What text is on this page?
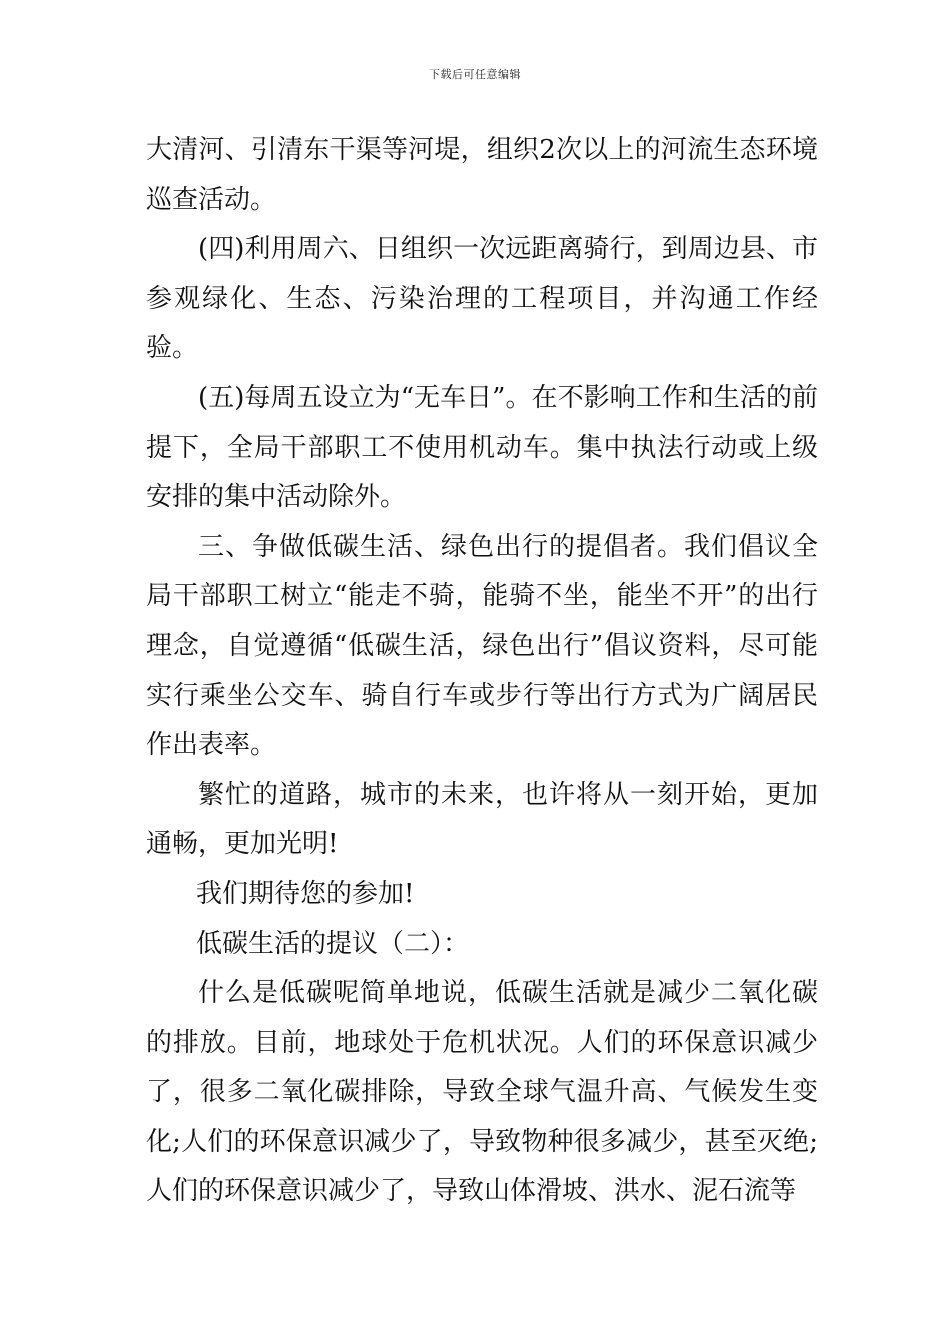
下载后可任意编辑

大清河、引清东干渠等河堤，组织2次以上的河流生态环境巡查活动。

(四)利用周六、日组织一次远距离骑行，到周边县、市参观绿化、生态、污染治理的工程项目，并沟通工作经验。

(五)每周五设立为“无车日”。在不影响工作和生活的前提下，全局干部职工不使用机动车。集中执法行动或上级安排的集中活动除外。

三、争做低碳生活、绿色出行的提倡者。我们倡议全局干部职工树立“能走不骑，能骑不坐，能坐不开”的出行理念，自觉遵循“低碳生活，绿色出行”倡议资料，尽可能实行乘坐公交车、骑自行车或步行等出行方式为广阔居民作出表率。

繁忙的道路，城市的未来，也许将从一刻开始，更加通畅，更加光明!

我们期待您的参加!

低碳生活的提议（二）：

什么是低碳呢简单地说，低碳生活就是减少二氧化碳的排放。目前，地球处于危机状况。人们的环保意识减少了，很多二氧化碳排除，导致全球气温升高、气候发生变化;人们的环保意识减少了，导致物种很多减少，甚至灭绝;人们的环保意识减少了，导致山体滑坡、洪水、泥石流等
